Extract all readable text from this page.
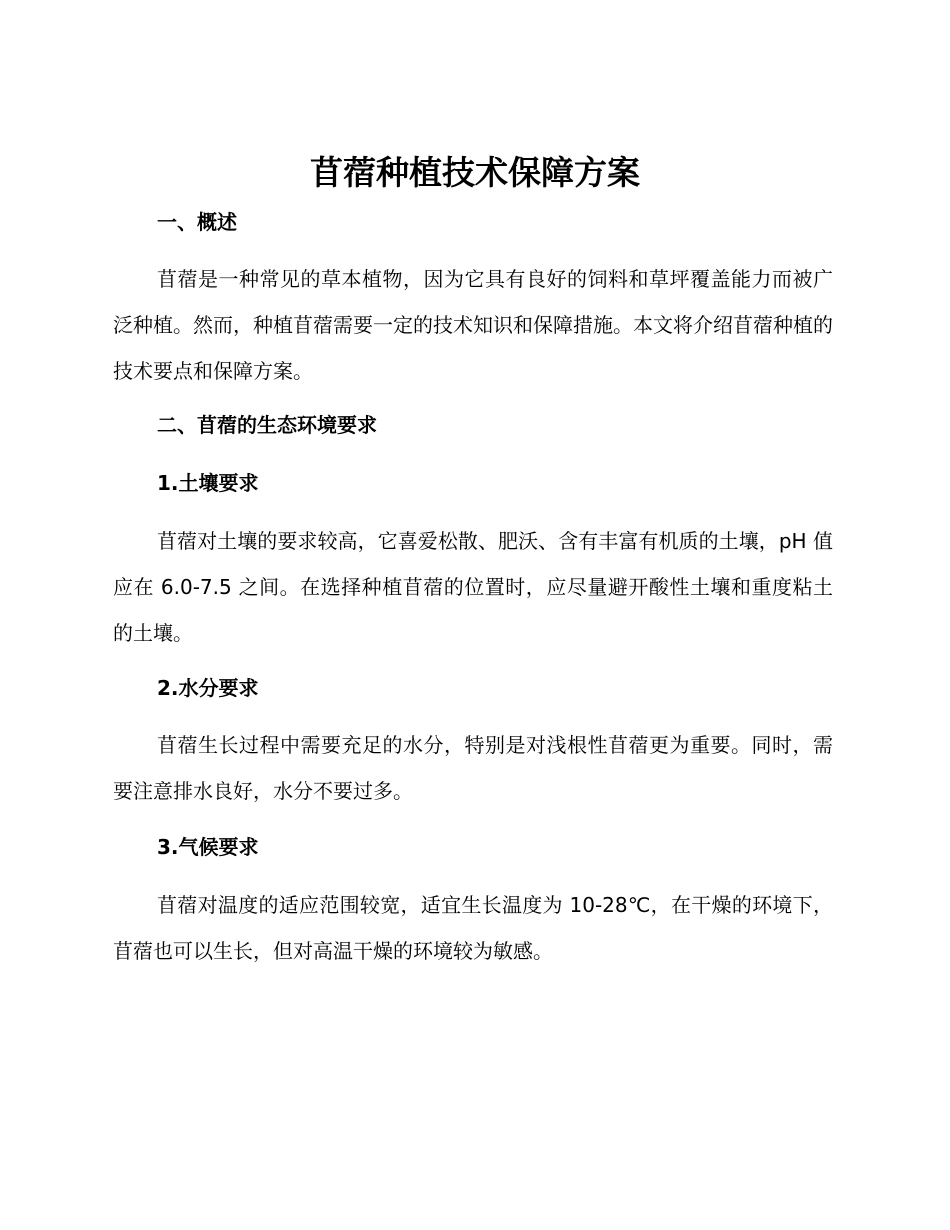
苜蓿种植技术保障方案
一、概述

苜蓿是一种常见的草本植物，因为它具有良好的饲料和草坪覆盖能力而被广泛种植。然而，种植苜蓿需要一定的技术知识和保障措施。本文将介绍苜蓿种植的技术要点和保障方案。

二、苜蓿的生态环境要求
1.土壤要求

苜蓿对土壤的要求较高，它喜爱松散、肥沃、含有丰富有机质的土壤，pH 值应在 6.0-7.5 之间。在选择种植苜蓿的位置时，应尽量避开酸性土壤和重度粘土的土壤。

2.水分要求

苜蓿生长过程中需要充足的水分，特别是对浅根性苜蓿更为重要。同时，需要注意排水良好，水分不要过多。

3.气候要求

苜蓿对温度的适应范围较宽，适宜生长温度为 10-28℃，在干燥的环境下，苜蓿也可以生长，但对高温干燥的环境较为敏感。
